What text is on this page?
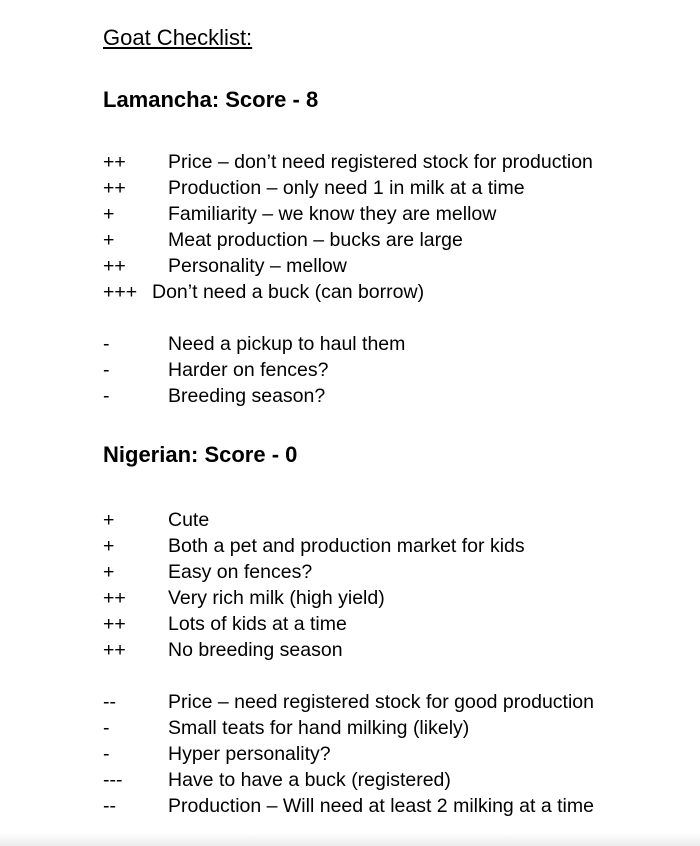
Goat Checklist:
Lamancha: Score - 8
++ Price – don’t need registered stock for production
++ Production – only need 1 in milk at a time
+	Familiarity – we know they are mellow
+	Meat production – bucks are large
++ Personality – mellow
+++ Don’t need a buck (can borrow)
-	Need a pickup to haul them
-	Harder on fences?
-	Breeding season?
Nigerian: Score - 0
+	Cute
+	Both a pet and production market for kids
+	Easy on fences?
++ Very rich milk (high yield)
++ Lots of kids at a time
++ No breeding season
--	Price – need registered stock for good production
-	Small teats for hand milking (likely)
-	Hyper personality?
--- Have to have a buck (registered)
--	Production – Will need at least 2 milking at a time
